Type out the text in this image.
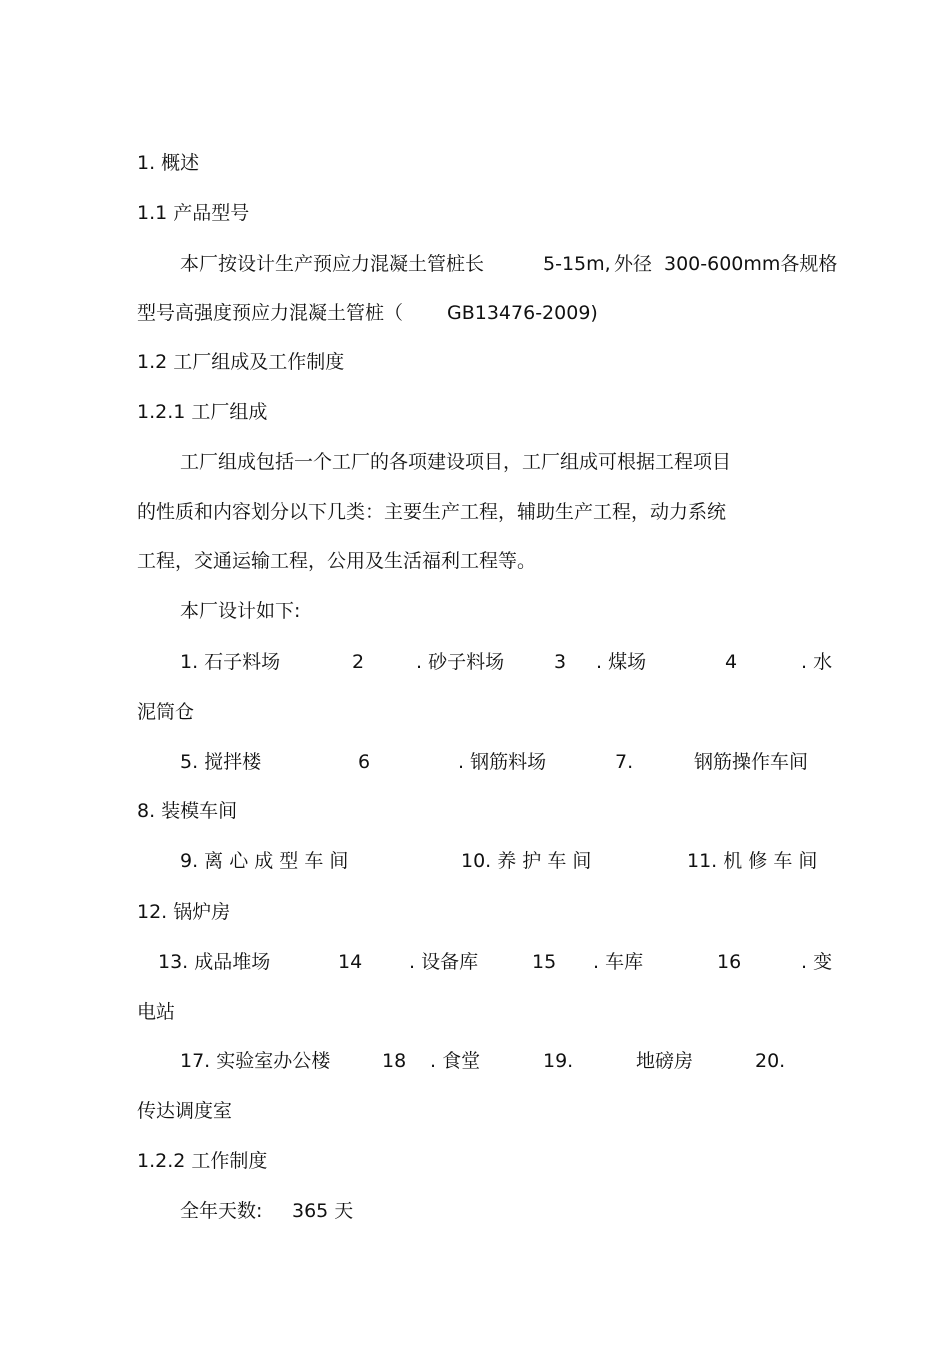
1. 概述
1.1 产品型号
本厂按设计生产预应力混凝土管桩长	5-15m, 外径 300-600mm各规格
型号高强度预应力混凝土管桩（ GB13476-2009)
1.2 工厂组成及工作制度
1.2.1 工厂组成
工厂组成包括一个工厂的各项建设项目，工厂组成可根据工程项目
的性质和内容划分以下几类：主要生产工程，辅助生产工程，动力系统
工程，交通运输工程，公用及生活福利工程等。
本厂设计如下:
1. 石子料场	2	. 砂子料场	3 . 煤场	4	. 水
泥筒仓
5. 搅拌楼	6	. 钢筋料场	7.	钢筋操作车间
8. 装模车间
9. 离 心 成 型 车 间	10. 养 护 车 间	11. 机 修 车 间
12. 锅炉房
13. 成品堆场	14 . 设备库	15 . 车库	16	. 变
电站
17. 实验室办公楼	18 . 食堂	19.	地磅房	20.
传达调度室
1.2.2 工作制度
全年天数: 365 天
